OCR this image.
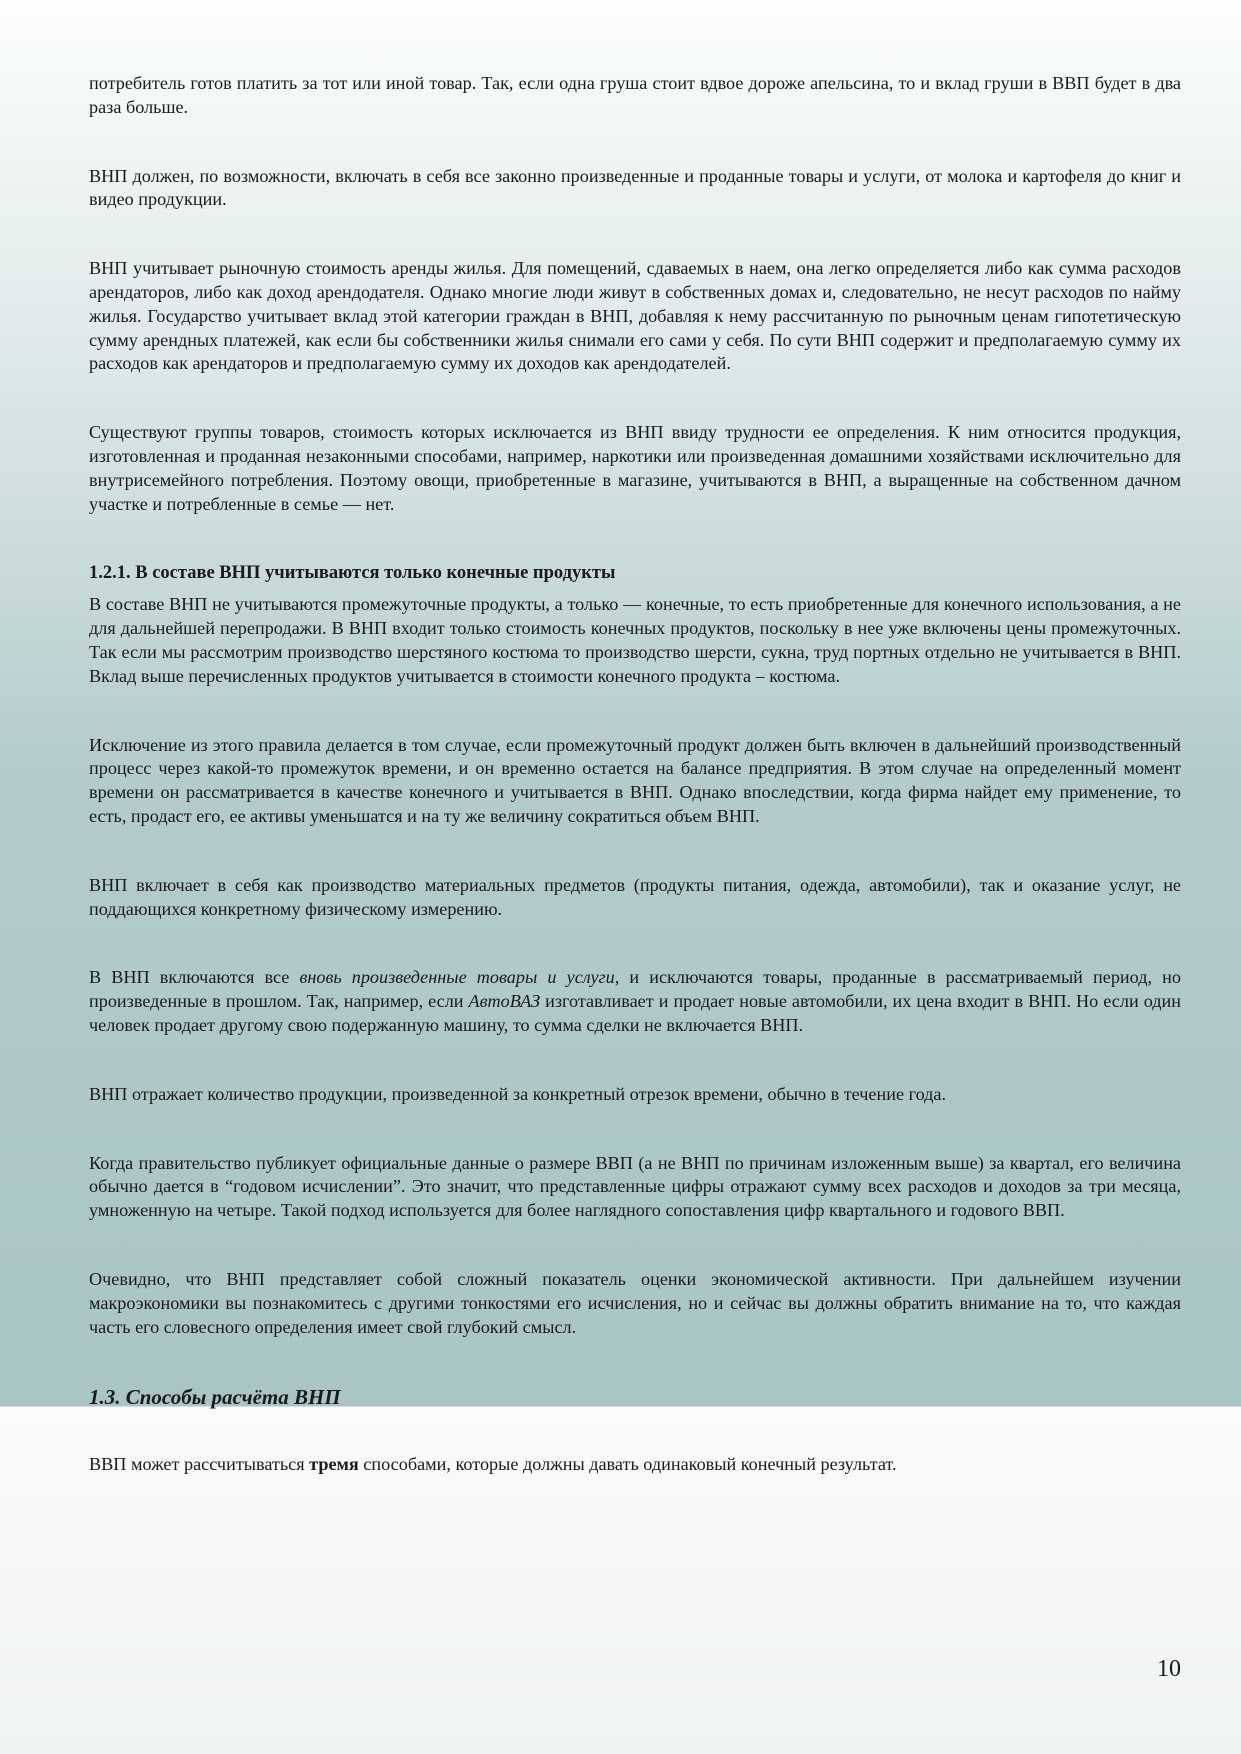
потребитель готов платить за тот или иной товар. Так, если одна груша стоит вдвое дороже апельсина, то и вклад груши в ВВП будет в два раза больше.

ВНП должен, по возможности, включать в себя все законно произведенные и проданные товары и услуги, от молока и картофеля до книг и видео продукции.

ВНП учитывает рыночную стоимость аренды жилья. Для помещений, сдаваемых в наем, она легко определяется либо как сумма расходов арендаторов, либо как доход арендодателя. Однако многие люди живут в собственных домах и, следовательно, не несут расходов по найму жилья. Государство учитывает вклад этой категории граждан в ВНП, добавляя к нему рассчитанную по рыночным ценам гипотетическую сумму арендных платежей, как если бы собственники жилья снимали его сами у себя. По сути ВНП содержит и предполагаемую сумму их расходов как арендаторов и предполагаемую сумму их доходов как арендодателей.

Существуют группы товаров, стоимость которых исключается из ВНП ввиду трудности ее определения. К ним относится продукция, изготовленная и проданная незаконными способами, например, наркотики или произведенная домашними хозяйствами исключительно для внутрисемейного потребления. Поэтому овощи, приобретенные в магазине, учитываются в ВНП, а выращенные на собственном дачном участке и потребленные в семье — нет.

1.2.1. В составе ВНП учитываются только конечные продукты

В составе ВНП не учитываются промежуточные продукты, а только — конечные, то есть приобретенные для конечного использования, а не для дальнейшей перепродажи. В ВНП входит только стоимость конечных продуктов, поскольку в нее уже включены цены промежуточных. Так если мы рассмотрим производство шерстяного костюма то производство шерсти, сукна, труд портных отдельно не учитывается в ВНП. Вклад выше перечисленных продуктов учитывается в стоимости конечного продукта – костюма.

Исключение из этого правила делается в том случае, если промежуточный продукт должен быть включен в дальнейший производственный процесс через какой-то промежуток времени, и он временно остается на балансе предприятия. В этом случае на определенный момент времени он рассматривается в качестве конечного и учитывается в ВНП. Однако впоследствии, когда фирма найдет ему применение, то есть, продаст его, ее активы уменьшатся и на ту же величину сократиться объем ВНП.

ВНП включает в себя как производство материальных предметов (продукты питания, одежда, автомобили), так и оказание услуг, не поддающихся конкретному физическому измерению.

В ВНП включаются все вновь произведенные товары и услуги, и исключаются товары, проданные в рассматриваемый период, но произведенные в прошлом. Так, например, если АвтоВАЗ изготавливает и продает новые автомобили, их цена входит в ВНП. Но если один человек продает другому свою подержанную машину, то сумма сделки не включается ВНП.

ВНП отражает количество продукции, произведенной за конкретный отрезок времени, обычно в течение года.

Когда правительство публикует официальные данные о размере ВВП (а не ВНП по причинам изложенным выше) за квартал, его величина обычно дается в “годовом исчислении”. Это значит, что представленные цифры отражают сумму всех расходов и доходов за три месяца, умноженную на четыре. Такой подход используется для более наглядного сопоставления цифр квартального и годового ВВП.

Очевидно, что ВНП представляет собой сложный показатель оценки экономической активности. При дальнейшем изучении макроэкономики вы познакомитесь с другими тонкостями его исчисления, но и сейчас вы должны обратить внимание на то, что каждая часть его словесного определения имеет свой глубокий смысл.

1.3. Способы расчёта ВНП

ВВП может рассчитываться тремя способами, которые должны давать одинаковый конечный результат.

10
